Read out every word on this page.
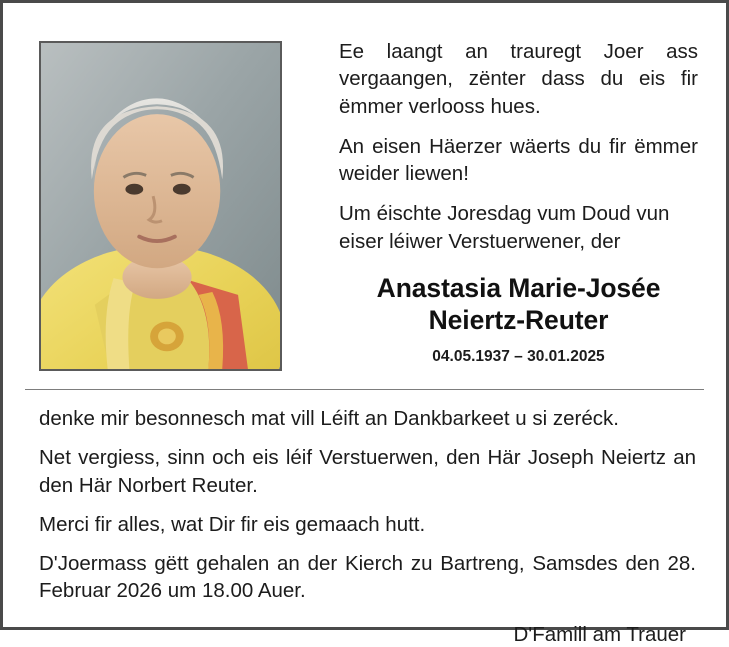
Ee laangt an trauregt Joer ass vergaangen, zënter dass du eis fir ëmmer verlooss hues.

An eisen Häerzer wäerts du fir ëmmer weider liewen!

Um éischte Joresdag vum Doud vun eiser léiwer Verstuerwener, der

Anastasia Marie-Josée
Neiertz-Reuter
04.05.1937 – 30.01.2025

denke mir besonnesch mat vill Léift an Dankbarkeet u si zeréck.

Net vergiess, sinn och eis léif Verstuerwen, den Här Joseph Neiertz an den Här Norbert Reuter.

Merci fir alles, wat Dir fir eis gemaach hutt.

D'Joermass gëtt gehalen an der Kierch zu Bartreng, Samsdes den 28. Februar 2026 um 18.00 Auer.

D'Famill am Trauer
